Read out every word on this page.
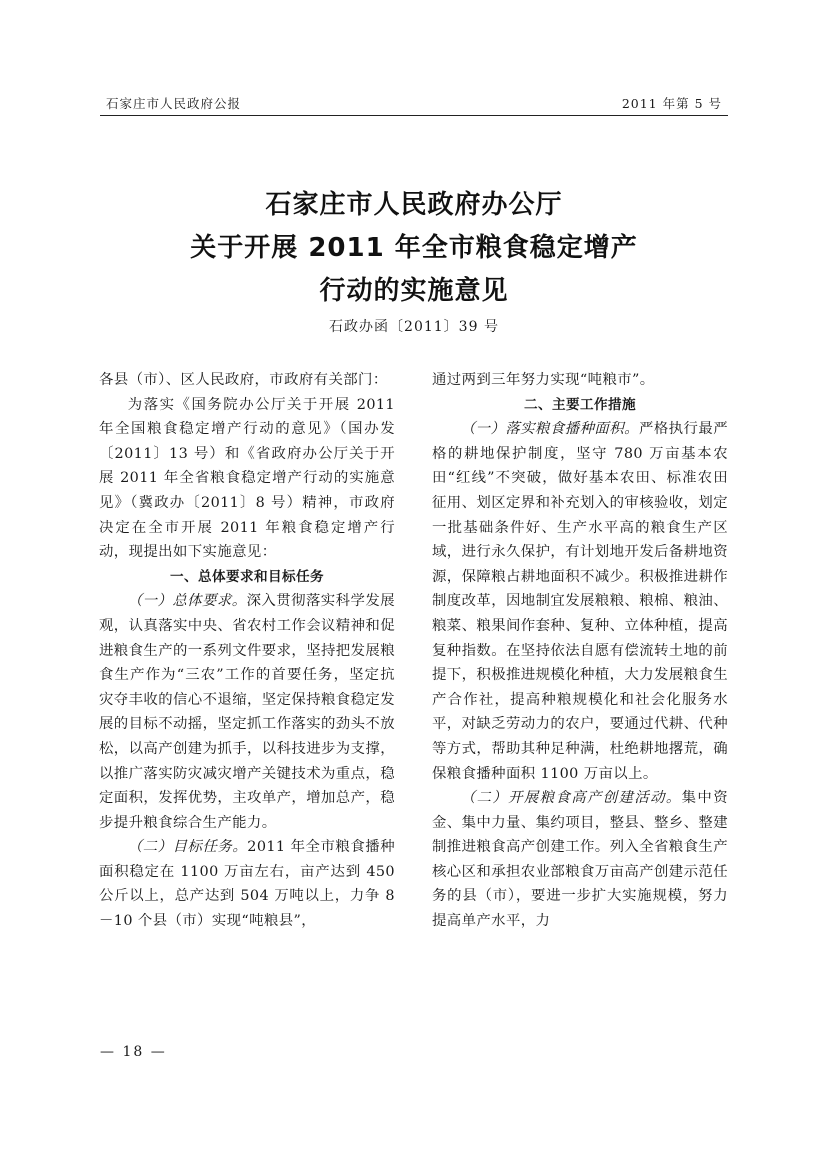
石家庄市人民政府公报	2011 年第 5 号
石家庄市人民政府办公厅
关于开展 2011 年全市粮食稳定增产
行动的实施意见
石政办函〔2011〕39 号

各县（市）、区人民政府，市政府有关部门：

为落实《国务院办公厅关于开展 2011 年全国粮食稳定增产行动的意见》（国办发〔2011〕13 号）和《省政府办公厅关于开展 2011 年全省粮食稳定增产行动的实施意见》（冀政办〔2011〕8 号）精神，市政府决定在全市开展 2011 年粮食稳定增产行动，现提出如下实施意见：

一、总体要求和目标任务

（一）总体要求。深入贯彻落实科学发展观，认真落实中央、省农村工作会议精神和促进粮食生产的一系列文件要求，坚持把发展粮食生产作为“三农”工作的首要任务，坚定抗灾夺丰收的信心不退缩，坚定保持粮食稳定发展的目标不动摇，坚定抓工作落实的劲头不放松，以高产创建为抓手，以科技进步为支撑，以推广落实防灾减灾增产关键技术为重点，稳定面积，发挥优势，主攻单产，增加总产，稳步提升粮食综合生产能力。

（二）目标任务。2011 年全市粮食播种面积稳定在 1100 万亩左右，亩产达到 450 公斤以上，总产达到 504 万吨以上，力争 8－10 个县（市）实现“吨粮县”，

通过两到三年努力实现“吨粮市”。

二、主要工作措施

（一）落实粮食播种面积。严格执行最严格的耕地保护制度，坚守 780 万亩基本农田“红线”不突破，做好基本农田、标准农田征用、划区定界和补充划入的审核验收，划定一批基础条件好、生产水平高的粮食生产区域，进行永久保护，有计划地开发后备耕地资源，保障粮占耕地面积不减少。积极推进耕作制度改革，因地制宜发展粮粮、粮棉、粮油、粮菜、粮果间作套种、复种、立体种植，提高复种指数。在坚持依法自愿有偿流转土地的前提下，积极推进规模化种植，大力发展粮食生产合作社，提高种粮规模化和社会化服务水平，对缺乏劳动力的农户，要通过代耕、代种等方式，帮助其种足种满，杜绝耕地撂荒，确保粮食播种面积 1100 万亩以上。

（二）开展粮食高产创建活动。集中资金、集中力量、集约项目，整县、整乡、整建制推进粮食高产创建工作。列入全省粮食生产核心区和承担农业部粮食万亩高产创建示范任务的县（市），要进一步扩大实施规模，努力提高单产水平，力

— 18 —
